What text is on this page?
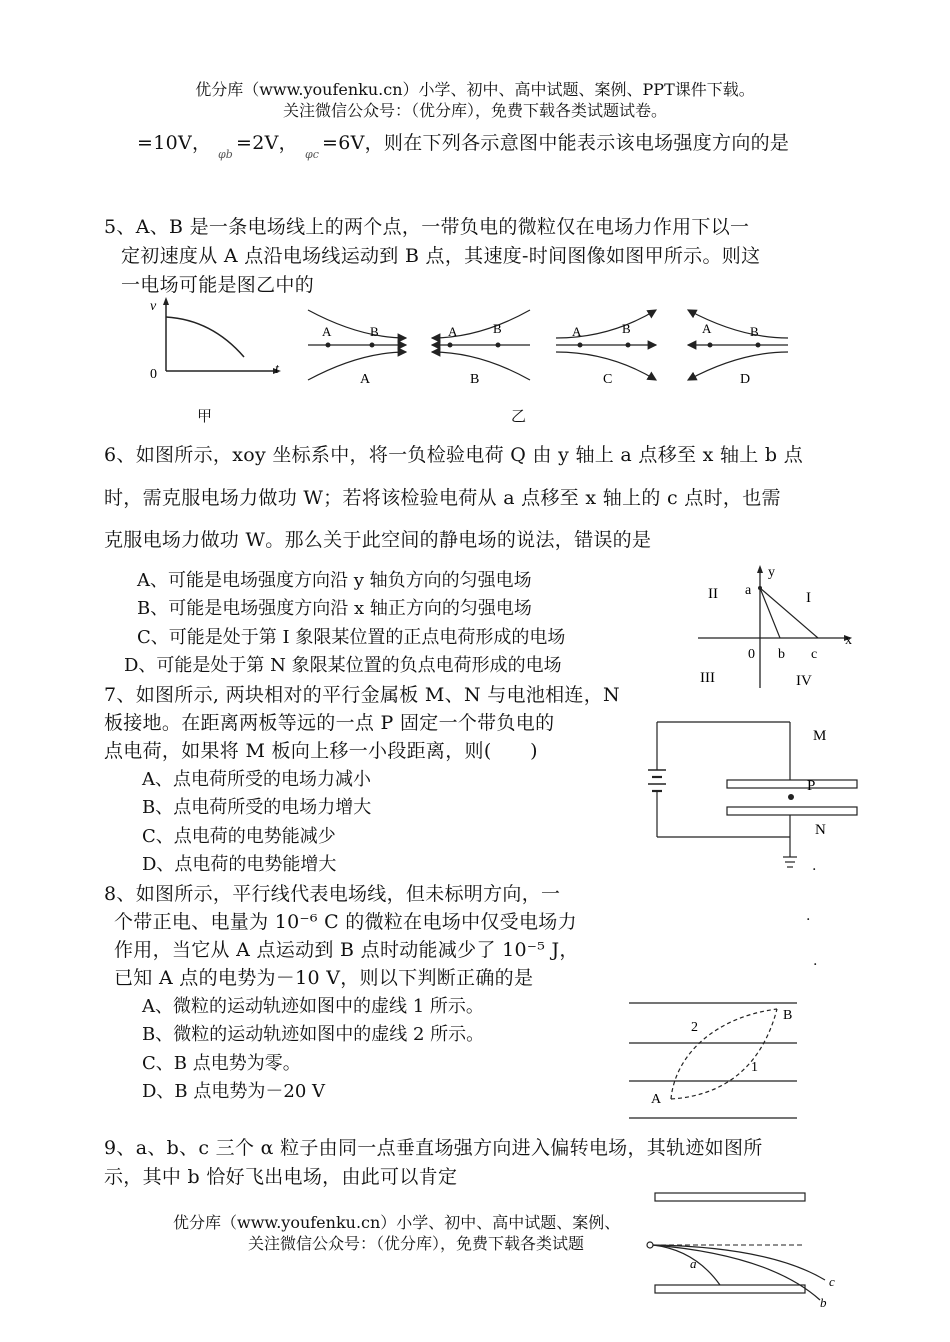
优分库（www.youfenku.cn）小学、初中、高中试题、案例、PPT课件下载。
关注微信公众号：（优分库），免费下载各类试题试卷。
=10V，
φb
=2V，
φc
=6V，则在下列各示意图中能表示该电场强度方向的是
5、A、B 是一条电场线上的两个点，一带负电的微粒仅在电场力作用下以一
定初速度从 A 点沿电场线运动到 B 点，其速度-时间图像如图甲所示。则这
一电场可能是图乙中的
v
t
0
甲	乙
A	B
A
A	B
B
A	B
C
A	B
D
6、如图所示，xoy 坐标系中，将一负检验电荷 Q 由 y 轴上 a 点移至 x 轴上 b 点
时，需克服电场力做功 W；若将该检验电荷从 a 点移至 x 轴上的 c 点时，也需
克服电场力做功 W。那么关于此空间的静电场的说法，错误的是
A、可能是电场强度方向沿 y 轴负方向的匀强电场
B、可能是电场强度方向沿 x 轴正方向的匀强电场
C、可能是处于第 I 象限某位置的正点电荷形成的电场
D、可能是处于第 N 象限某位置的负点电荷形成的电场
y
x
a
0 b c
I
II
III	IV
7、如图所示, 两块相对的平行金属板 M、N 与电池相连，N
板接地。在距离两板等远的一点 P 固定一个带负电的
点电荷，如果将 M 板向上移一小段距离，则(　　)
A、点电荷所受的电场力减小
B、点电荷所受的电场力增大
C、点电荷的电势能减少
D、点电荷的电势能增大
M
P
N
.
.
.
8、如图所示，平行线代表电场线，但未标明方向，一
个带正电、电量为 10⁻⁶ C 的微粒在电场中仅受电场力
作用，当它从 A 点运动到 B 点时动能减少了 10⁻⁵ J，
已知 A 点的电势为－10 V，则以下判断正确的是
A、微粒的运动轨迹如图中的虚线 1 所示。
B、微粒的运动轨迹如图中的虚线 2 所示。
C、B 点电势为零。
D、B 点电势为－20 V	A
B
1
2
9、a、b、c 三个 α 粒子由同一点垂直场强方向进入偏转电场，其轨迹如图所
示，其中 b 恰好飞出电场，由此可以肯定
优分库（www.youfenku.cn）小学、初中、高中试题、案例、
关注微信公众号：（优分库），免费下载各类试题
a
b
c
